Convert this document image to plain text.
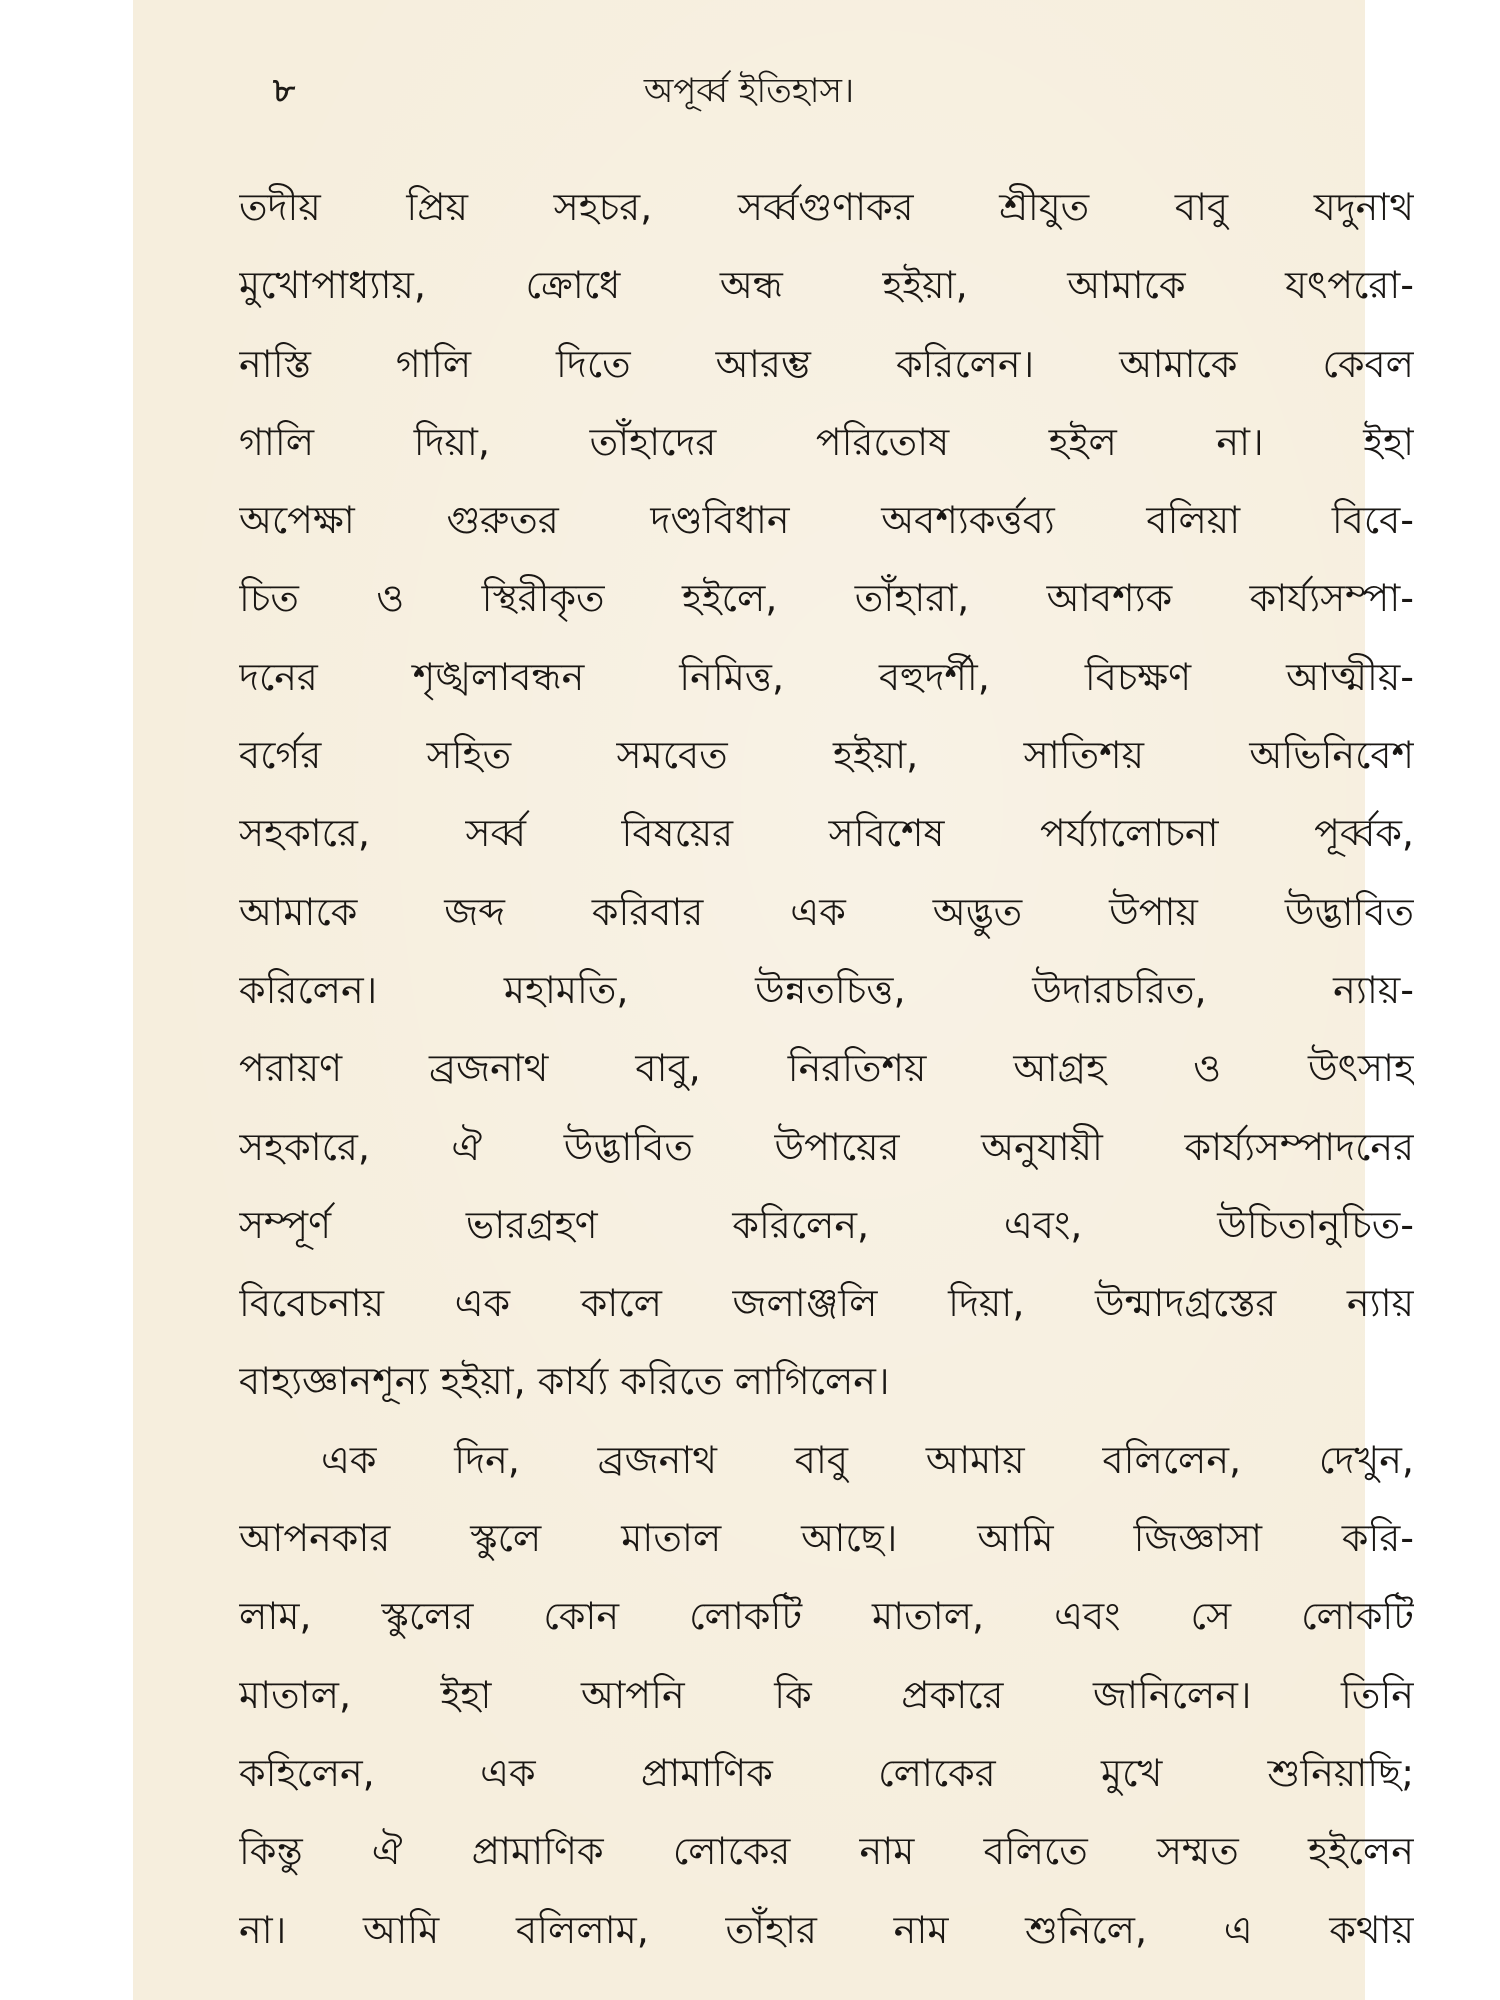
৮	অপূর্ব্ব ইতিহাস।
তদীয় প্রিয় সহচর, সর্ব্বগুণাকর শ্রীযুত বাবু যদুনাথ
মুখোপাধ্যায়, ক্রোধে অন্ধ হইয়া, আমাকে যৎপরো-
নাস্তি গালি দিতে আরম্ভ করিলেন। আমাকে কেবল
গালি দিয়া, তাঁহাদের পরিতোষ হইল না। ইহা
অপেক্ষা গুরুতর দণ্ডবিধান অবশ্যকর্ত্তব্য বলিয়া বিবে-
চিত ও স্থিরীকৃত হইলে, তাঁহারা, আবশ্যক কার্য্যসম্পা-
দনের শৃঙ্খলাবন্ধন নিমিত্ত, বহুদর্শী, বিচক্ষণ আত্মীয়-
বর্গের সহিত সমবেত হইয়া, সাতিশয় অভিনিবেশ
সহকারে, সর্ব্ব বিষয়ের সবিশেষ পর্য্যালোচনা পূর্ব্বক,
আমাকে জব্দ করিবার এক অদ্ভুত উপায় উদ্ভাবিত
করিলেন। মহামতি, উন্নতচিত্ত, উদারচরিত, ন্যায়-
পরায়ণ ব্রজনাথ বাবু, নিরতিশয় আগ্রহ ও উৎসাহ
সহকারে, ঐ উদ্ভাবিত উপায়ের অনুযায়ী কার্য্যসম্পাদনের
সম্পূর্ণ ভারগ্রহণ করিলেন, এবং, উচিতানুচিত-
বিবেচনায় এক কালে জলাঞ্জলি দিয়া, উন্মাদগ্রস্তের ন্যায়
বাহ্যজ্ঞানশূন্য হইয়া, কার্য্য করিতে লাগিলেন।
এক দিন, ব্রজনাথ বাবু আমায় বলিলেন, দেখুন,
আপনকার স্কুলে মাতাল আছে। আমি জিজ্ঞাসা করি-
লাম, স্কুলের কোন লোকটি মাতাল, এবং সে লোকটি
মাতাল, ইহা আপনি কি প্রকারে জানিলেন। তিনি
কহিলেন, এক প্রামাণিক লোকের মুখে শুনিয়াছি;
কিন্তু ঐ প্রামাণিক লোকের নাম বলিতে সম্মত হইলেন
না। আমি বলিলাম, তাঁহার নাম শুনিলে, এ কথায়
